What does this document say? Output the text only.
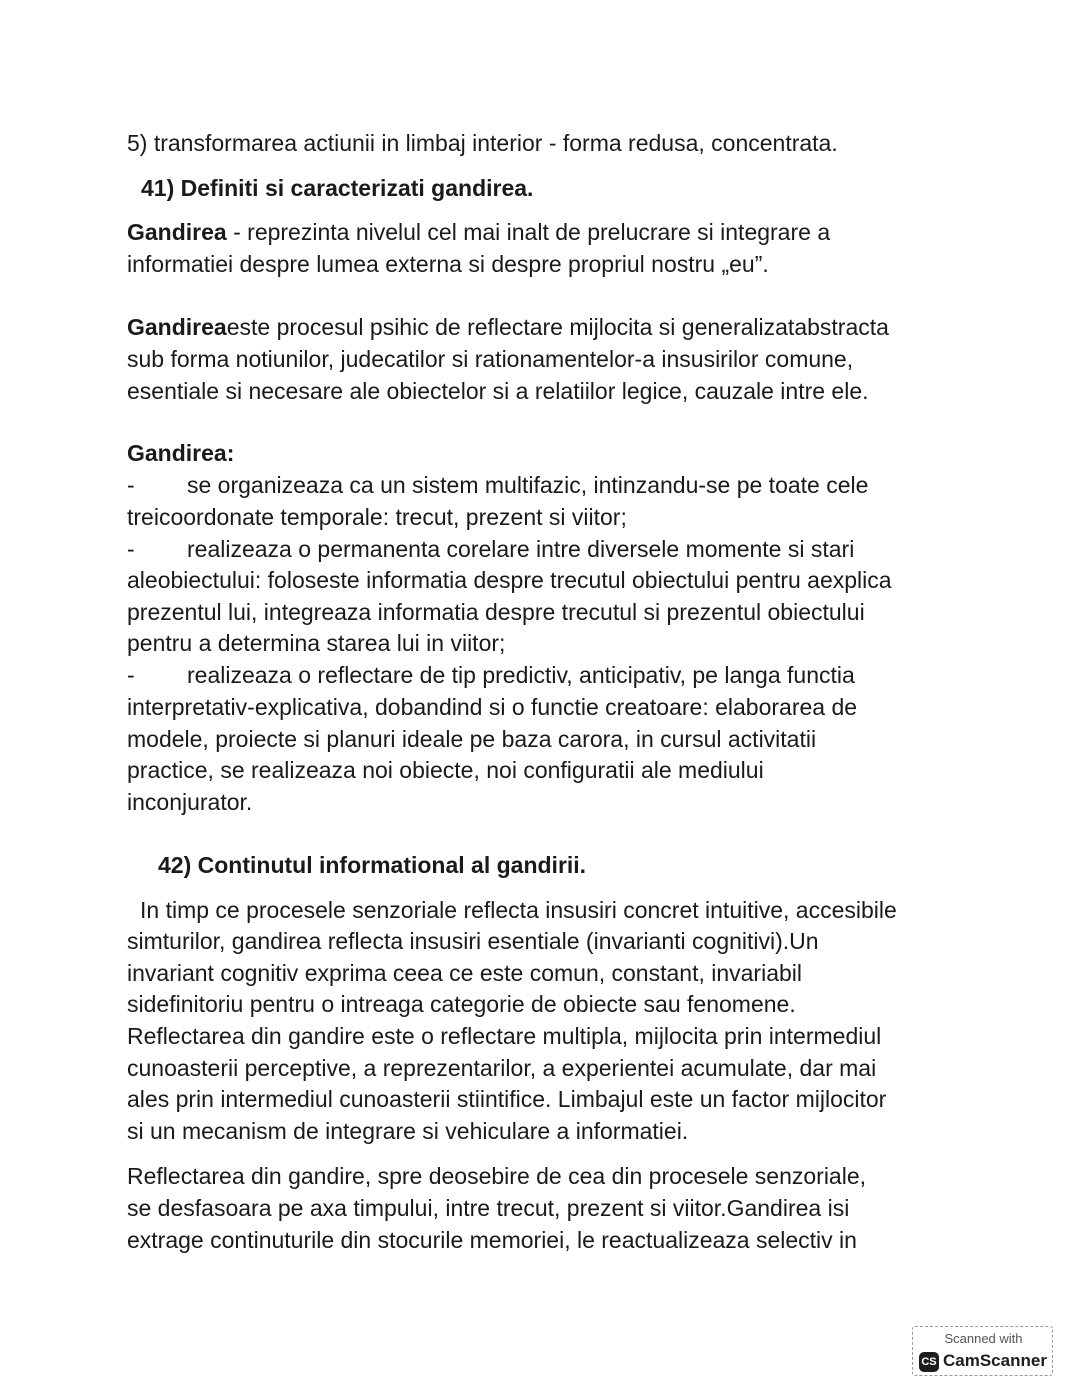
5) transformarea actiunii in limbaj interior - forma redusa, concentrata.
41) Definiti si caracterizati gandirea.
Gandirea - reprezinta nivelul cel mai inalt de prelucrare si integrare a
informatiei despre lumea externa si despre propriul nostru „eu”.
Gandireaeste procesul psihic de reflectare mijlocita si generalizatabstracta
sub forma notiunilor, judecatilor si rationamentelor-a insusirilor comune,
esentiale si necesare ale obiectelor si a relatiilor legice, cauzale intre ele.
Gandirea:
- se organizeaza ca un sistem multifazic, intinzandu-se pe toate cele
treicoordonate temporale: trecut, prezent si viitor;
- realizeaza o permanenta corelare intre diversele momente si stari
aleobiectului: foloseste informatia despre trecutul obiectului pentru aexplica
prezentul lui, integreaza informatia despre trecutul si prezentul obiectului
pentru a determina starea lui in viitor;
- realizeaza o reflectare de tip predictiv, anticipativ, pe langa functia
interpretativ-explicativa, dobandind si o functie creatoare: elaborarea de
modele, proiecte si planuri ideale pe baza carora, in cursul activitatii
practice, se realizeaza noi obiecte, noi configuratii ale mediului
inconjurator.
42) Continutul informational al gandirii.
In timp ce procesele senzoriale reflecta insusiri concret intuitive, accesibile
simturilor, gandirea reflecta insusiri esentiale (invarianti cognitivi).Un
invariant cognitiv exprima ceea ce este comun, constant, invariabil
sidefinitoriu pentru o intreaga categorie de obiecte sau fenomene.
Reflectarea din gandire este o reflectare multipla, mijlocita prin intermediul
cunoasterii perceptive, a reprezentarilor, a experientei acumulate, dar mai
ales prin intermediul cunoasterii stiintifice. Limbajul este un factor mijlocitor
si un mecanism de integrare si vehiculare a informatiei.
Reflectarea din gandire, spre deosebire de cea din procesele senzoriale,
se desfasoara pe axa timpului, intre trecut, prezent si viitor.Gandirea isi
extrage continuturile din stocurile memoriei, le reactualizeaza selectiv in
Scanned with
CS CamScanner
